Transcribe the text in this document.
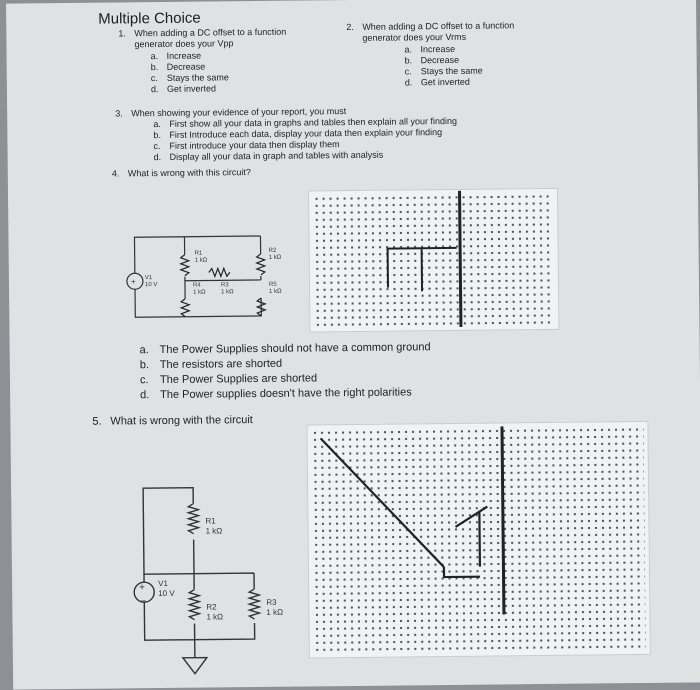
Multiple Choice
1. When adding a DC offset to a function
generator does your Vpp
a. Increase
b. Decrease
c. Stays the same
d. Get inverted
2. When adding a DC offset to a function
generator does your Vrms
a. Increase
b. Decrease
c. Stays the same
d. Get inverted
3. When showing your evidence of your report, you must
a. First show all your data in graphs and tables then explain all your finding
b. First Introduce each data, display your data then explain your finding
c. First introduce your data then display them
d. Display all your data in graph and tables with analysis
4. What is wrong with this circuit?
+
R1
1 kΩ
R2
1 kΩ
R3
1 kΩ
R4
1 kΩ
R5
1 kΩ
V1
10 V
a. The Power Supplies should not have a common ground
b. The resistors are shorted
c. The Power Supplies are shorted
d. The Power supplies doesn't have the right polarities
5. What is wrong with the circuit
+
−
R1
1 kΩ
V1
10 V
R2
1 kΩ
R3
1 kΩ
